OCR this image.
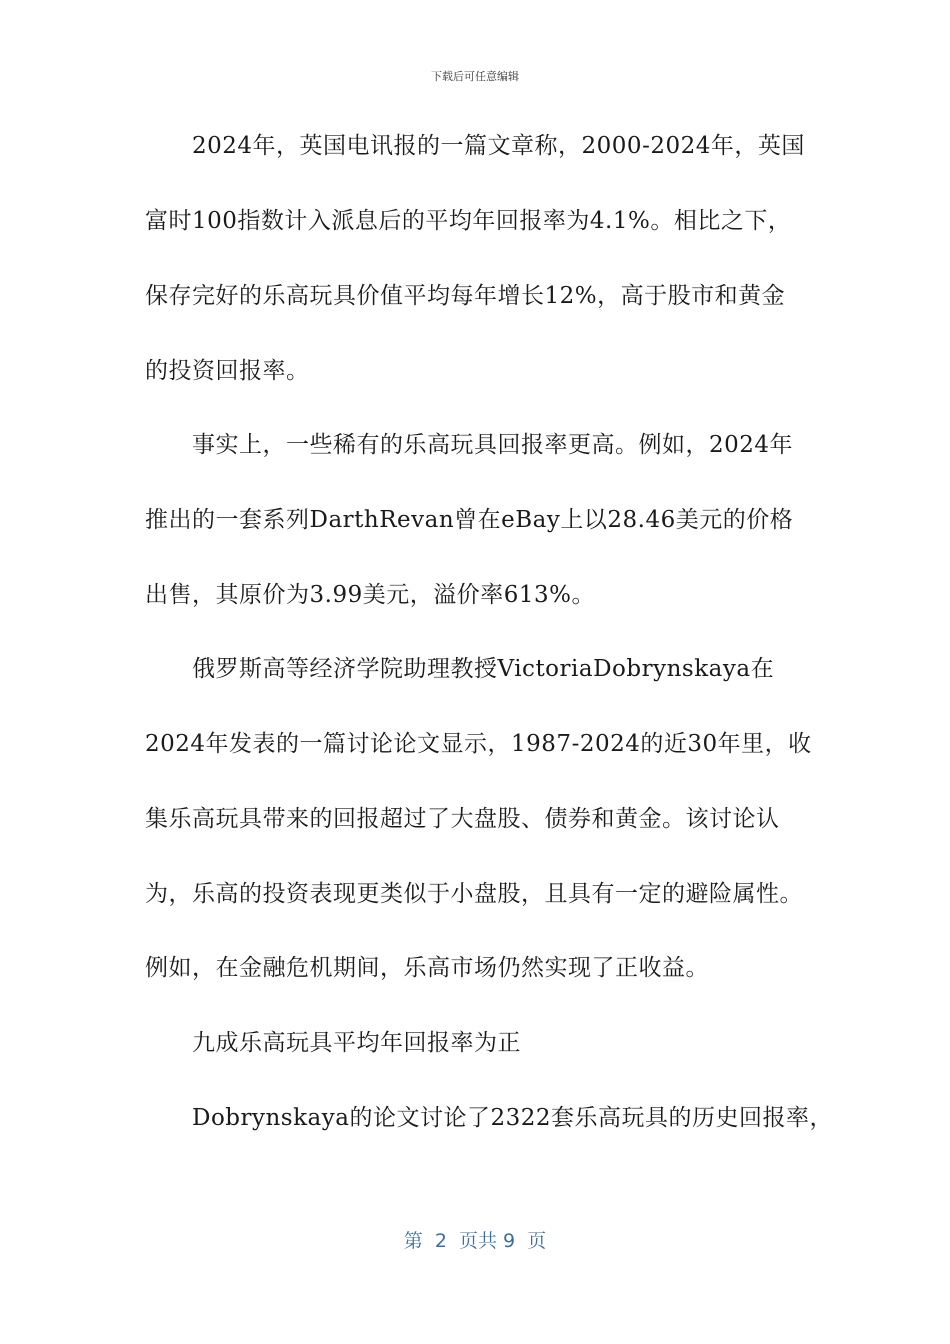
下载后可任意编辑
2024年，英国电讯报的一篇文章称，2000-2024年，英国
富时100指数计入派息后的平均年回报率为4.1%。相比之下，
保存完好的乐高玩具价值平均每年增长12%，高于股市和黄金
的投资回报率。
事实上，一些稀有的乐高玩具回报率更高。例如，2024年
推出的一套系列DarthRevan曾在eBay上以28.46美元的价格
出售，其原价为3.99美元，溢价率613%。
俄罗斯高等经济学院助理教授VictoriaDobrynskaya在
2024年发表的一篇讨论论文显示，1987-2024的近30年里，收
集乐高玩具带来的回报超过了大盘股、债券和黄金。该讨论认
为，乐高的投资表现更类似于小盘股，且具有一定的避险属性。
例如，在金融危机期间，乐高市场仍然实现了正收益。
九成乐高玩具平均年回报率为正
Dobrynskaya的论文讨论了2322套乐高玩具的历史回报率，
第  2  页共 9  页
